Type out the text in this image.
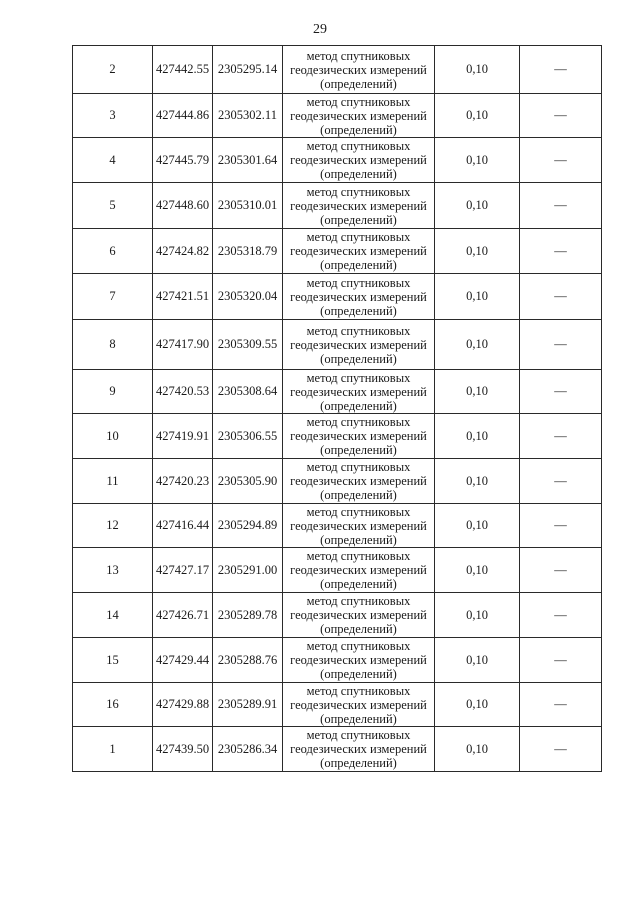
29
2	427442.55	2305295.14	метод спутниковых
геодезических измерений
(определений)	0,10	—
3	427444.86	2305302.11	метод спутниковых
геодезических измерений
(определений)	0,10	—
4	427445.79	2305301.64	метод спутниковых
геодезических измерений
(определений)	0,10	—
5	427448.60	2305310.01	метод спутниковых
геодезических измерений
(определений)	0,10	—
6	427424.82	2305318.79	метод спутниковых
геодезических измерений
(определений)	0,10	—
7	427421.51	2305320.04	метод спутниковых
геодезических измерений
(определений)	0,10	—
8	427417.90	2305309.55	метод спутниковых
геодезических измерений
(определений)	0,10	—
9	427420.53	2305308.64	метод спутниковых
геодезических измерений
(определений)	0,10	—
10	427419.91	2305306.55	метод спутниковых
геодезических измерений
(определений)	0,10	—
11	427420.23	2305305.90	метод спутниковых
геодезических измерений
(определений)	0,10	—
12	427416.44	2305294.89	метод спутниковых
геодезических измерений
(определений)	0,10	—
13	427427.17	2305291.00	метод спутниковых
геодезических измерений
(определений)	0,10	—
14	427426.71	2305289.78	метод спутниковых
геодезических измерений
(определений)	0,10	—
15	427429.44	2305288.76	метод спутниковых
геодезических измерений
(определений)	0,10	—
16	427429.88	2305289.91	метод спутниковых
геодезических измерений
(определений)	0,10	—
1	427439.50	2305286.34	метод спутниковых
геодезических измерений
(определений)	0,10	—
